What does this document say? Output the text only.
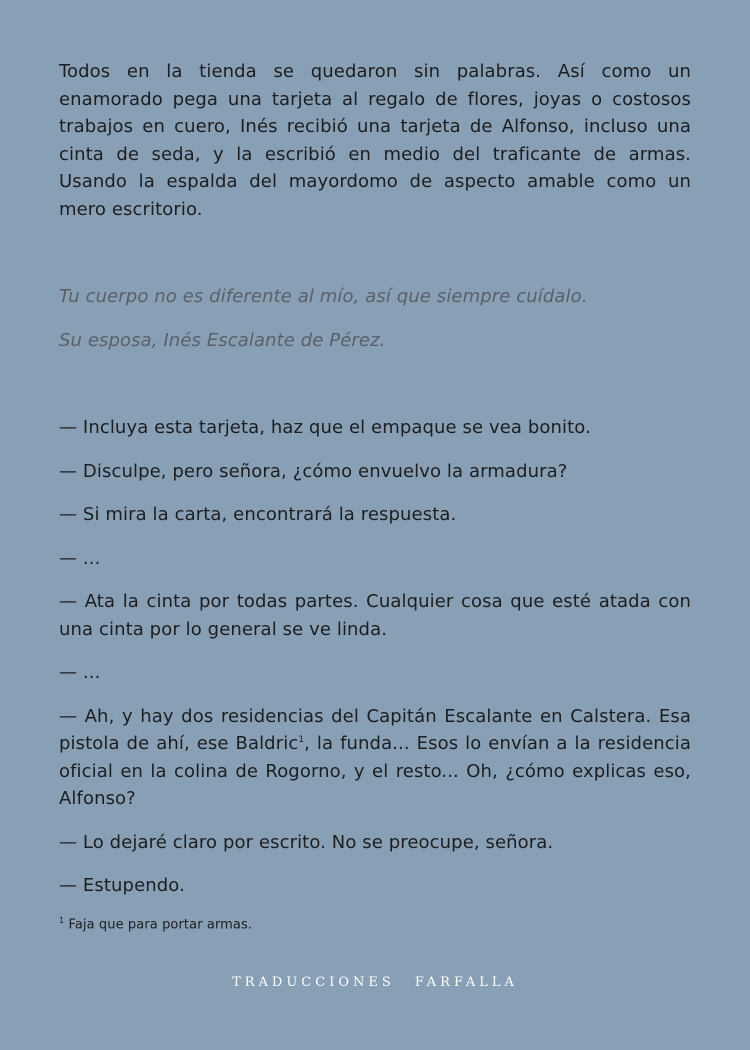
Todos en la tienda se quedaron sin palabras. Así como un enamorado pega una tarjeta al regalo de flores, joyas o costosos trabajos en cuero, Inés recibió una tarjeta de Alfonso, incluso una cinta de seda, y la escribió en medio del traficante de armas. Usando la espalda del mayordomo de aspecto amable como un mero escritorio.

Tu cuerpo no es diferente al mío, así que siempre cuídalo.

Su esposa, Inés Escalante de Pérez.

— Incluya esta tarjeta, haz que el empaque se vea bonito.

— Disculpe, pero señora, ¿cómo envuelvo la armadura?

— Si mira la carta, encontrará la respuesta.

— ...

— Ata la cinta por todas partes. Cualquier cosa que esté atada con una cinta por lo general se ve linda.

— ...

— Ah, y hay dos residencias del Capitán Escalante en Calstera. Esa pistola de ahí, ese Baldric$^1$, la funda... Esos lo envían a la residencia oficial en la colina de Rogorno, y el resto... Oh, ¿cómo explicas eso, Alfonso?

— Lo dejaré claro por escrito. No se preocupe, señora.

— Estupendo.

$^1$ Faja que para portar armas.

TRADUCCIONES FARFALLA
